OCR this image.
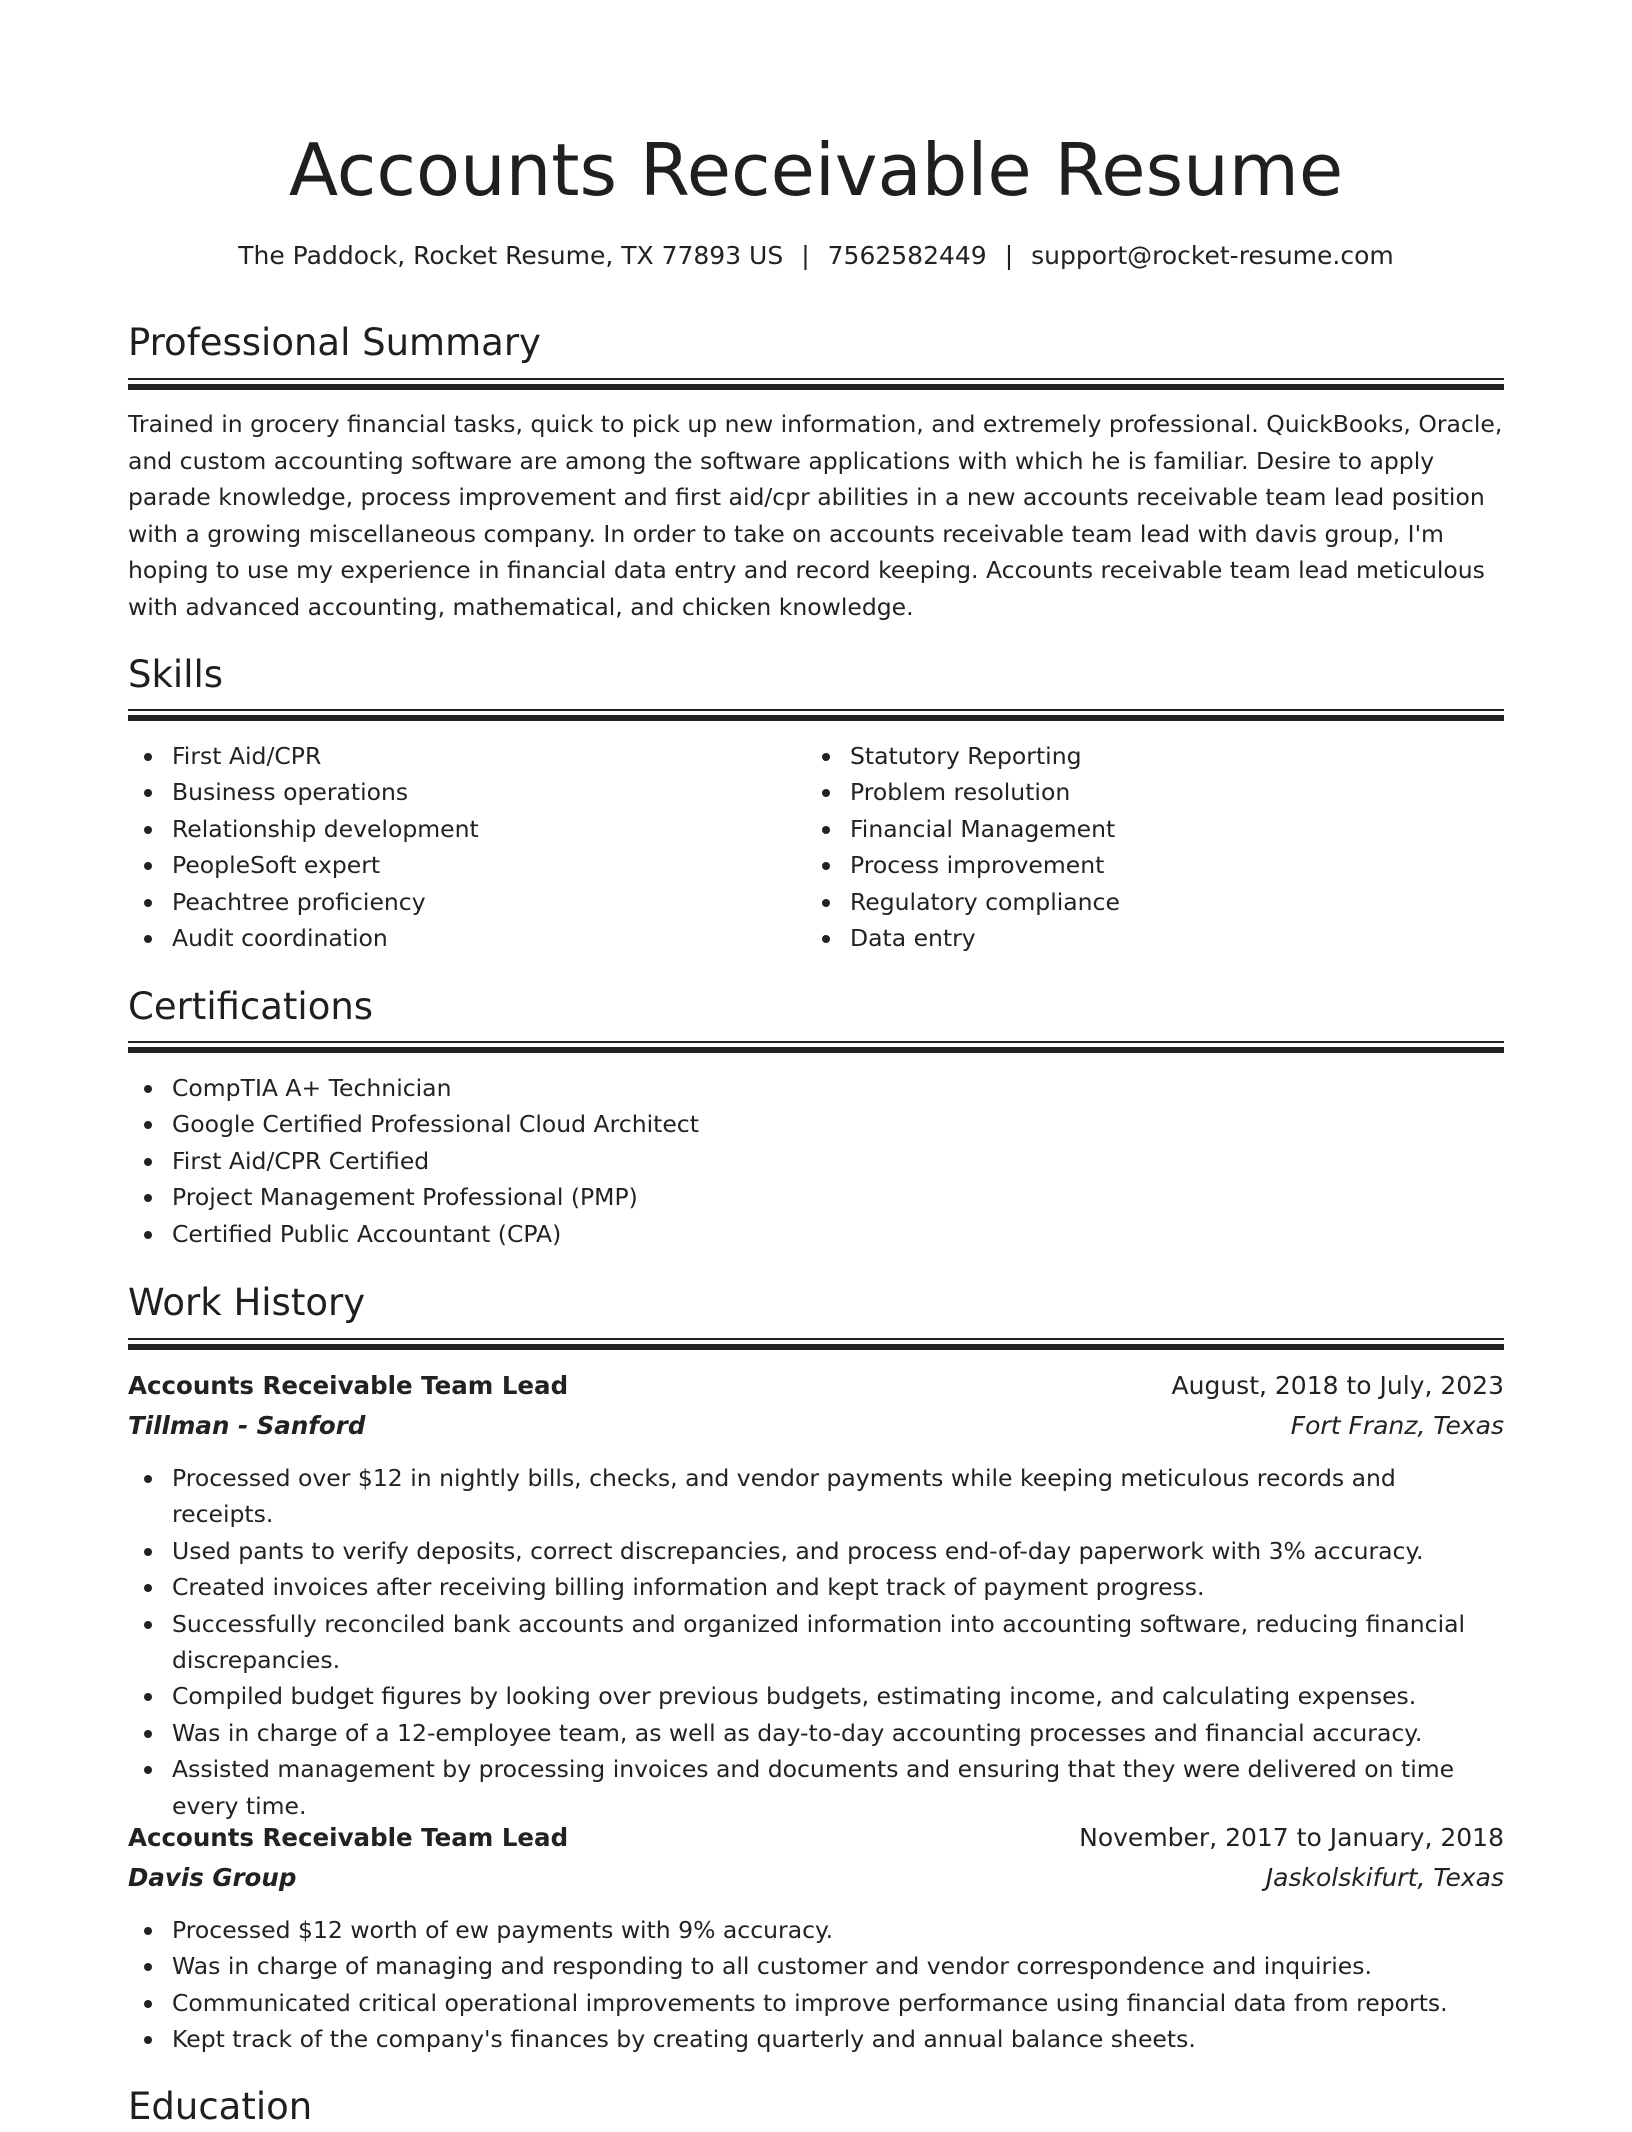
Accounts Receivable Resume
The Paddock, Rocket Resume, TX 77893 US | 7562582449 | support@rocket-resume.com
Professional Summary

Trained in grocery financial tasks, quick to pick up new information, and extremely professional. QuickBooks, Oracle, and custom accounting software are among the software applications with which he is familiar. Desire to apply parade knowledge, process improvement and first aid/cpr abilities in a new accounts receivable team lead position with a growing miscellaneous company. In order to take on accounts receivable team lead with davis group, I'm hoping to use my experience in financial data entry and record keeping. Accounts receivable team lead meticulous with advanced accounting, mathematical, and chicken knowledge.

Skills
First Aid/CPR
Business operations
Relationship development
PeopleSoft expert
Peachtree proficiency
Audit coordination
Statutory Reporting
Problem resolution
Financial Management
Process improvement
Regulatory compliance
Data entry
Certifications
CompTIA A+ Technician
Google Certified Professional Cloud Architect
First Aid/CPR Certified
Project Management Professional (PMP)
Certified Public Accountant (CPA)
Work History
Accounts Receivable Team Lead	August, 2018 to July, 2023
Tillman - Sanford	Fort Franz, Texas
Processed over $12 in nightly bills, checks, and vendor payments while keeping meticulous records and receipts.
Used pants to verify deposits, correct discrepancies, and process end-of-day paperwork with 3% accuracy.
Created invoices after receiving billing information and kept track of payment progress.
Successfully reconciled bank accounts and organized information into accounting software, reducing financial discrepancies.
Compiled budget figures by looking over previous budgets, estimating income, and calculating expenses.
Was in charge of a 12-employee team, as well as day-to-day accounting processes and financial accuracy.
Assisted management by processing invoices and documents and ensuring that they were delivered on time every time.
Accounts Receivable Team Lead	November, 2017 to January, 2018
Davis Group	Jaskolskifurt, Texas
Processed $12 worth of ew payments with 9% accuracy.
Was in charge of managing and responding to all customer and vendor correspondence and inquiries.
Communicated critical operational improvements to improve performance using financial data from reports.
Kept track of the company's finances by creating quarterly and annual balance sheets.
Education
